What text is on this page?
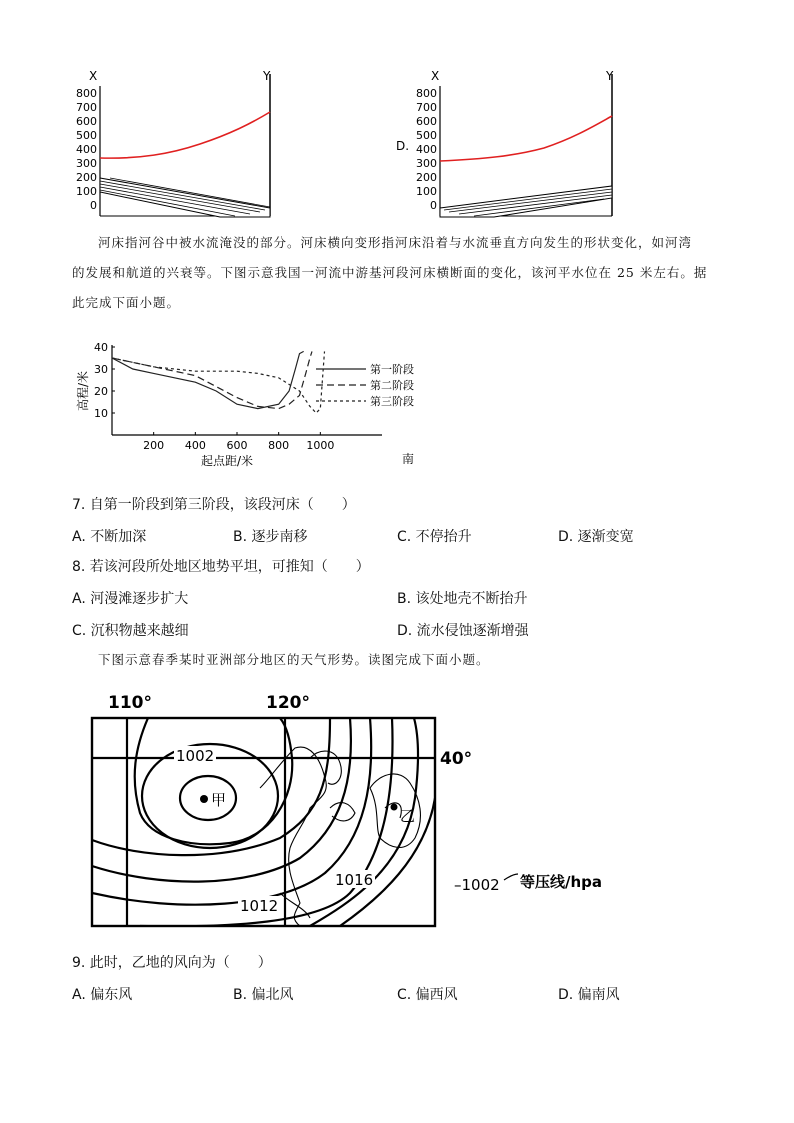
X	Y
800
700
600
500
400
300
200
100
0
D.
X	Y
800
700
600
500
400
300
200
100
0
河床指河谷中被水流淹没的部分。河床横向变形指河床沿着与水流垂直方向发生的形状变化，如河湾
的发展和航道的兴衰等。下图示意我国一河流中游基河段河床横断面的变化，该河平水位在 25 米左右。据
此完成下面小题。
200 400 600 800 1000
40
30
20
10
起点距/米	南
高程/米
第一阶段
第二阶段
第三阶段
7. 自第一阶段到第三阶段，该段河床（　　）
A. 不断加深	B. 逐步南移	C. 不停抬升	D. 逐渐变宽
8. 若该河段所处地区地势平坦，可推知（　　）
A. 河漫滩逐步扩大	B. 该处地壳不断抬升
C. 沉积物越来越细	D. 流水侵蚀逐渐增强
下图示意春季某时亚洲部分地区的天气形势。读图完成下面小题。
110°	120°
40°
1002
1016
1012
甲
乙
–1002 等压线/hpa
9. 此时，乙地的风向为（　　）
A. 偏东风	B. 偏北风	C. 偏西风	D. 偏南风
